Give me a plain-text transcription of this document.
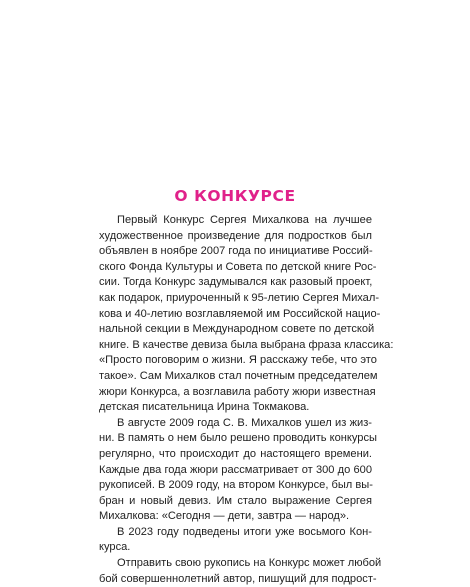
О КОНКУРСЕ
Первый Конкурс Сергея Михалкова на лучшее
художественное произведение для подростков был
объявлен в ноябре 2007 года по инициативе Россий-
ского Фонда Культуры и Совета по детской книге Рос-
сии. Тогда Конкурс задумывался как разовый проект,
как подарок, приуроченный к 95-летию Сергея Михал-
кова и 40-летию возглавляемой им Российской нацио-
нальной секции в Международном совете по детской
книге. В качестве девиза была выбрана фраза классика:
«Просто поговорим о жизни. Я расскажу тебе, что это
такое». Сам Михалков стал почетным председателем
жюри Конкурса, а возглавила работу жюри известная
детская писательница Ирина Токмакова.
В августе 2009 года С. В. Михалков ушел из жиз-
ни. В память о нем было решено проводить конкурсы
регулярно, что происходит до настоящего времени.
Каждые два года жюри рассматривает от 300 до 600
рукописей. В 2009 году, на втором Конкурсе, был вы-
бран и новый девиз. Им стало выражение Сергея
Михалкова: «Сегодня — дети, завтра — народ».
В 2023 году подведены итоги уже восьмого Кон-
курса.
Отправить свою рукопись на Конкурс может любой
бой совершеннолетний автор, пишущий для подрост-
